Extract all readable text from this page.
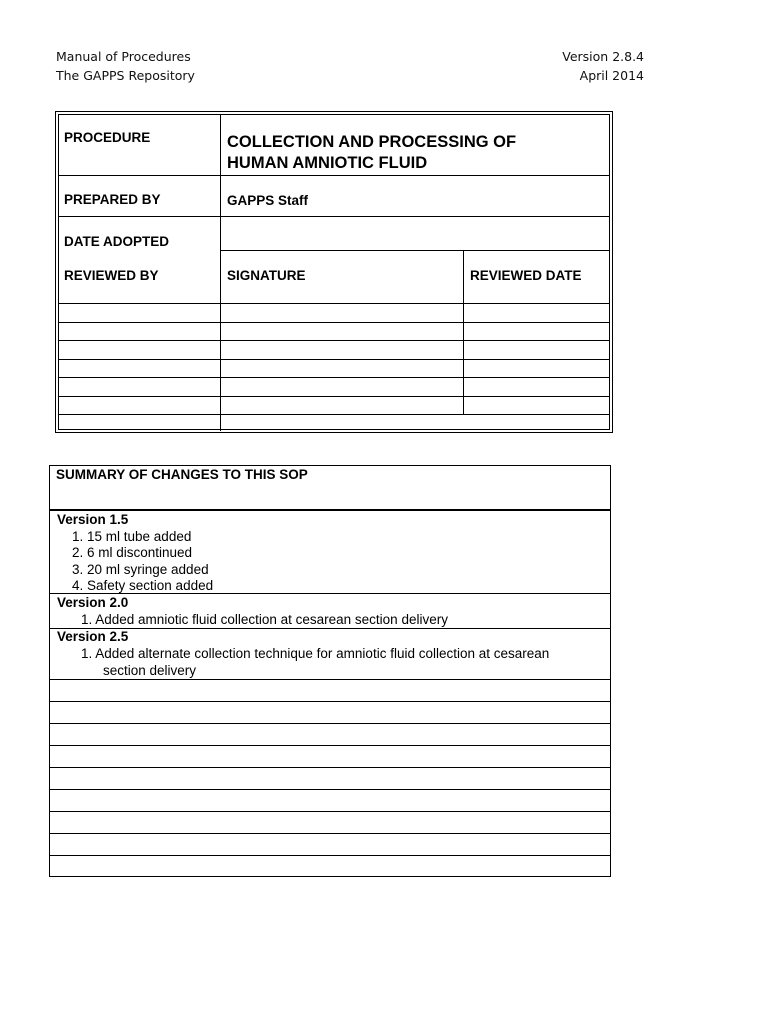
Manual of Procedures
The GAPPS Repository
Version 2.8.4
April 2014
PROCEDURE	COLLECTION AND PROCESSING OF
HUMAN AMNIOTIC FLUID
PREPARED BY	GAPPS Staff
DATE ADOPTED
REVIEWED BY	SIGNATURE	REVIEWED DATE
SUMMARY OF CHANGES TO THIS SOP
Version 1.5
1. 15 ml tube added
2. 6 ml discontinued
3. 20 ml syringe added
4. Safety section added
Version 2.0
1. Added amniotic fluid collection at cesarean section delivery
Version 2.5
1. Added alternate collection technique for amniotic fluid collection at cesarean
section delivery
